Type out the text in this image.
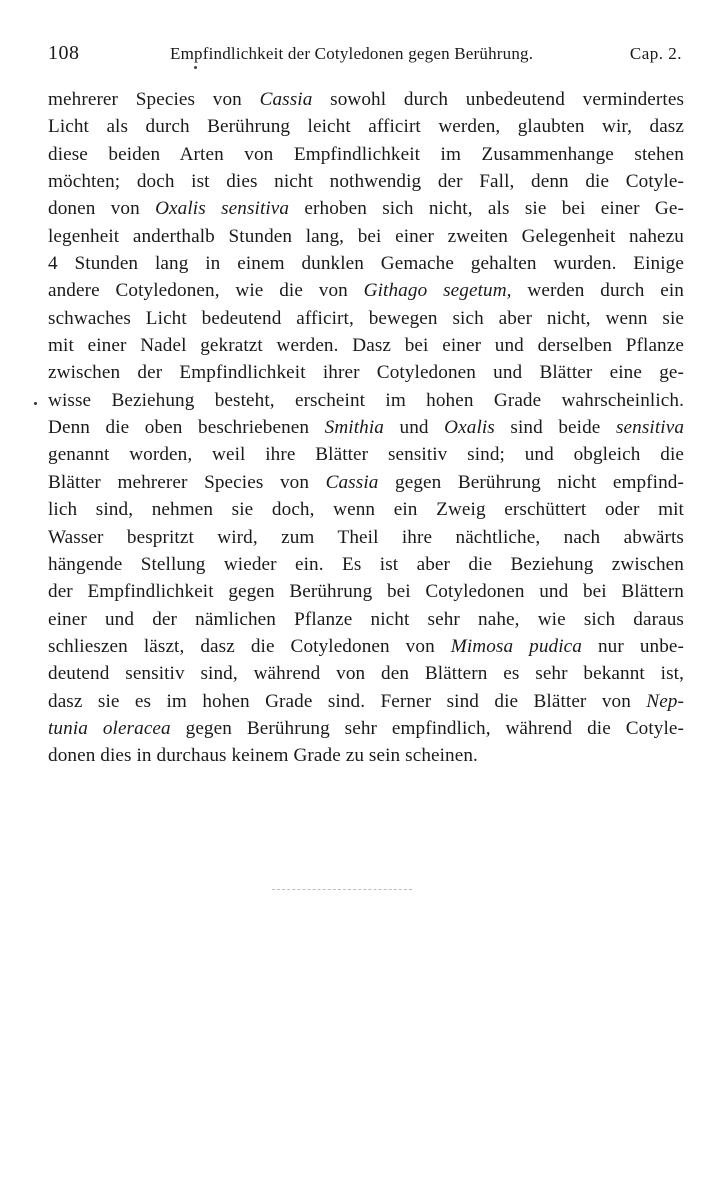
108	Empfindlichkeit der Cotyledonen gegen Berührung.	Cap. 2.
mehrerer Species von Cassia sowohl durch unbedeutend vermindertes
Licht als durch Berührung leicht afficirt werden, glaubten wir, dasz
diese beiden Arten von Empfindlichkeit im Zusammenhange stehen
möchten; doch ist dies nicht nothwendig der Fall, denn die Cotyle-
donen von Oxalis sensitiva erhoben sich nicht, als sie bei einer Ge-
legenheit anderthalb Stunden lang, bei einer zweiten Gelegenheit nahezu
4 Stunden lang in einem dunklen Gemache gehalten wurden. Einige
andere Cotyledonen, wie die von Githago segetum, werden durch ein
schwaches Licht bedeutend afficirt, bewegen sich aber nicht, wenn sie
mit einer Nadel gekratzt werden. Dasz bei einer und derselben Pflanze
zwischen der Empfindlichkeit ihrer Cotyledonen und Blätter eine ge-
wisse Beziehung besteht, erscheint im hohen Grade wahrscheinlich.
Denn die oben beschriebenen Smithia und Oxalis sind beide sensitiva
genannt worden, weil ihre Blätter sensitiv sind; und obgleich die
Blätter mehrerer Species von Cassia gegen Berührung nicht empfind-
lich sind, nehmen sie doch, wenn ein Zweig erschüttert oder mit
Wasser bespritzt wird, zum Theil ihre nächtliche, nach abwärts
hängende Stellung wieder ein. Es ist aber die Beziehung zwischen
der Empfindlichkeit gegen Berührung bei Cotyledonen und bei Blättern
einer und der nämlichen Pflanze nicht sehr nahe, wie sich daraus
schlieszen läszt, dasz die Cotyledonen von Mimosa pudica nur unbe-
deutend sensitiv sind, während von den Blättern es sehr bekannt ist,
dasz sie es im hohen Grade sind. Ferner sind die Blätter von Nep-
tunia oleracea gegen Berührung sehr empfindlich, während die Cotyle-
donen dies in durchaus keinem Grade zu sein scheinen.
